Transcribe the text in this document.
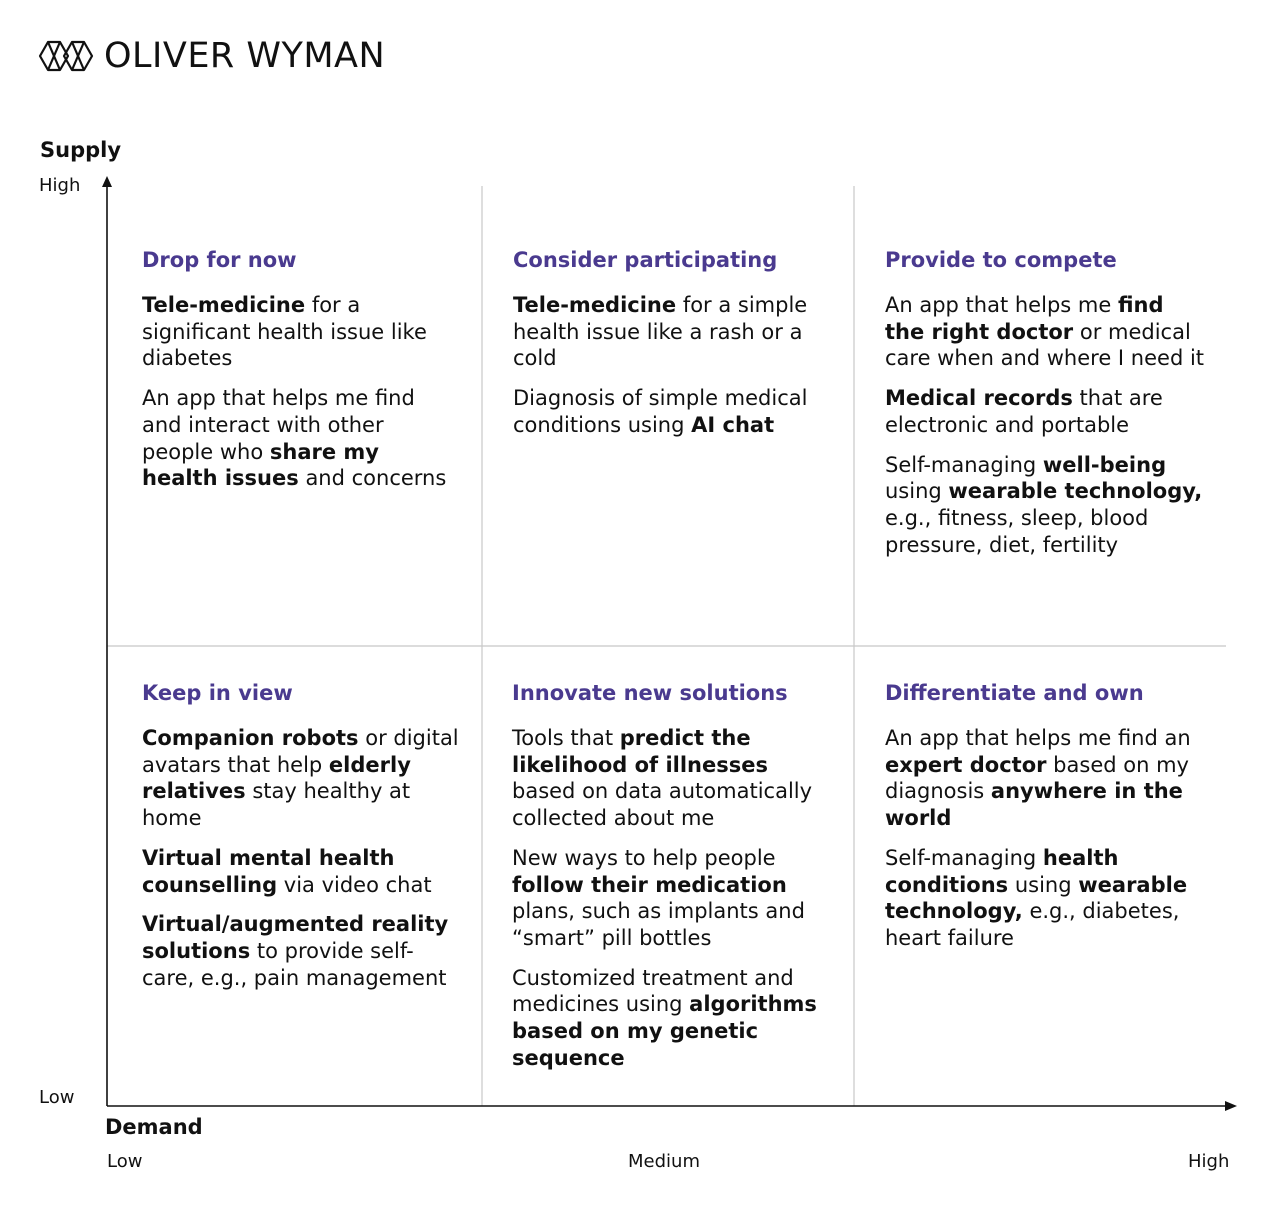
OLIVER WYMAN
Supply
High
Low
Demand
Low	Medium	High
Drop for now
Tele-medicine for a significant health issue like diabetes
An app that helps me find and interact with other people who share my health issues and concerns
Consider participating
Tele-medicine for a simple health issue like a rash or a cold
Diagnosis of simple medical conditions using AI chat
Provide to compete
An app that helps me find the right doctor or medical care when and where I need it
Medical records that are electronic and portable
Self-managing well-being using wearable technology, e.g., fitness, sleep, blood pressure, diet, fertility
Keep in view
Companion robots or digital avatars that help elderly relatives stay healthy at home
Virtual mental health counselling via video chat
Virtual/augmented reality solutions to provide self-care, e.g., pain management
Innovate new solutions
Tools that predict the likelihood of illnesses based on data automatically collected about me
New ways to help people follow their medication plans, such as implants and “smart” pill bottles
Customized treatment and medicines using algorithms based on my genetic sequence
Differentiate and own
An app that helps me find an expert doctor based on my diagnosis anywhere in the world
Self-managing health conditions using wearable technology, e.g., diabetes, heart failure
